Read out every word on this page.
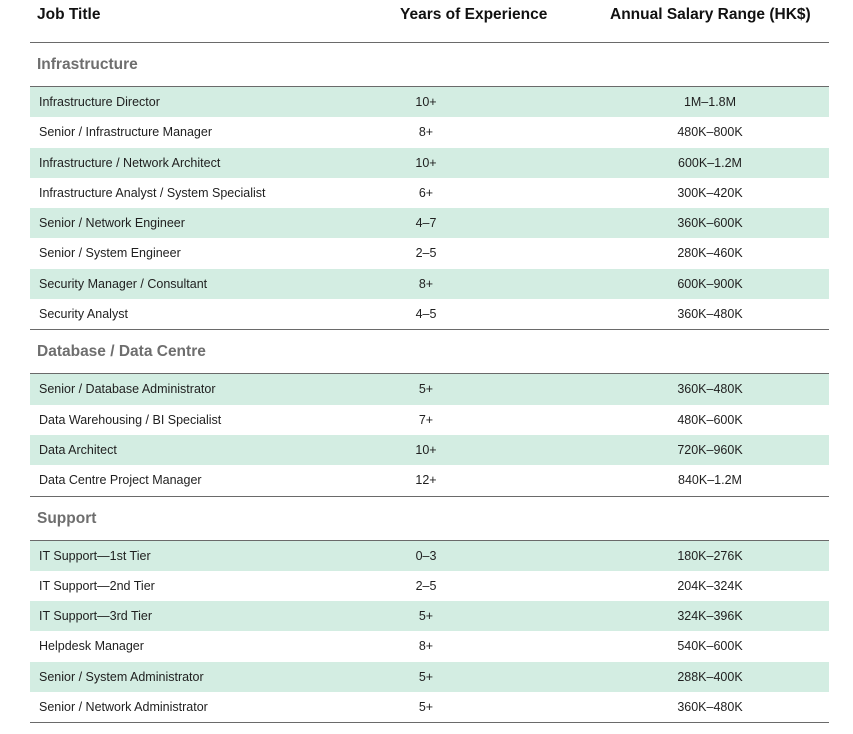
Job Title	Years of Experience	Annual Salary Range (HK$)
Infrastructure
Infrastructure Director	10+	1M–1.8M
Senior / Infrastructure Manager	8+	480K–800K
Infrastructure / Network Architect	10+	600K–1.2M
Infrastructure Analyst / System Specialist	6+	300K–420K
Senior / Network Engineer	4–7	360K–600K
Senior / System Engineer	2–5	280K–460K
Security Manager / Consultant	8+	600K–900K
Security Analyst	4–5	360K–480K
Database / Data Centre
Senior / Database Administrator	5+	360K–480K
Data Warehousing / BI Specialist	7+	480K–600K
Data Architect	10+	720K–960K
Data Centre Project Manager	12+	840K–1.2M
Support
IT Support—1st Tier	0–3	180K–276K
IT Support—2nd Tier	2–5	204K–324K
IT Support—3rd Tier	5+	324K–396K
Helpdesk Manager	8+	540K–600K
Senior / System Administrator	5+	288K–400K
Senior / Network Administrator	5+	360K–480K
